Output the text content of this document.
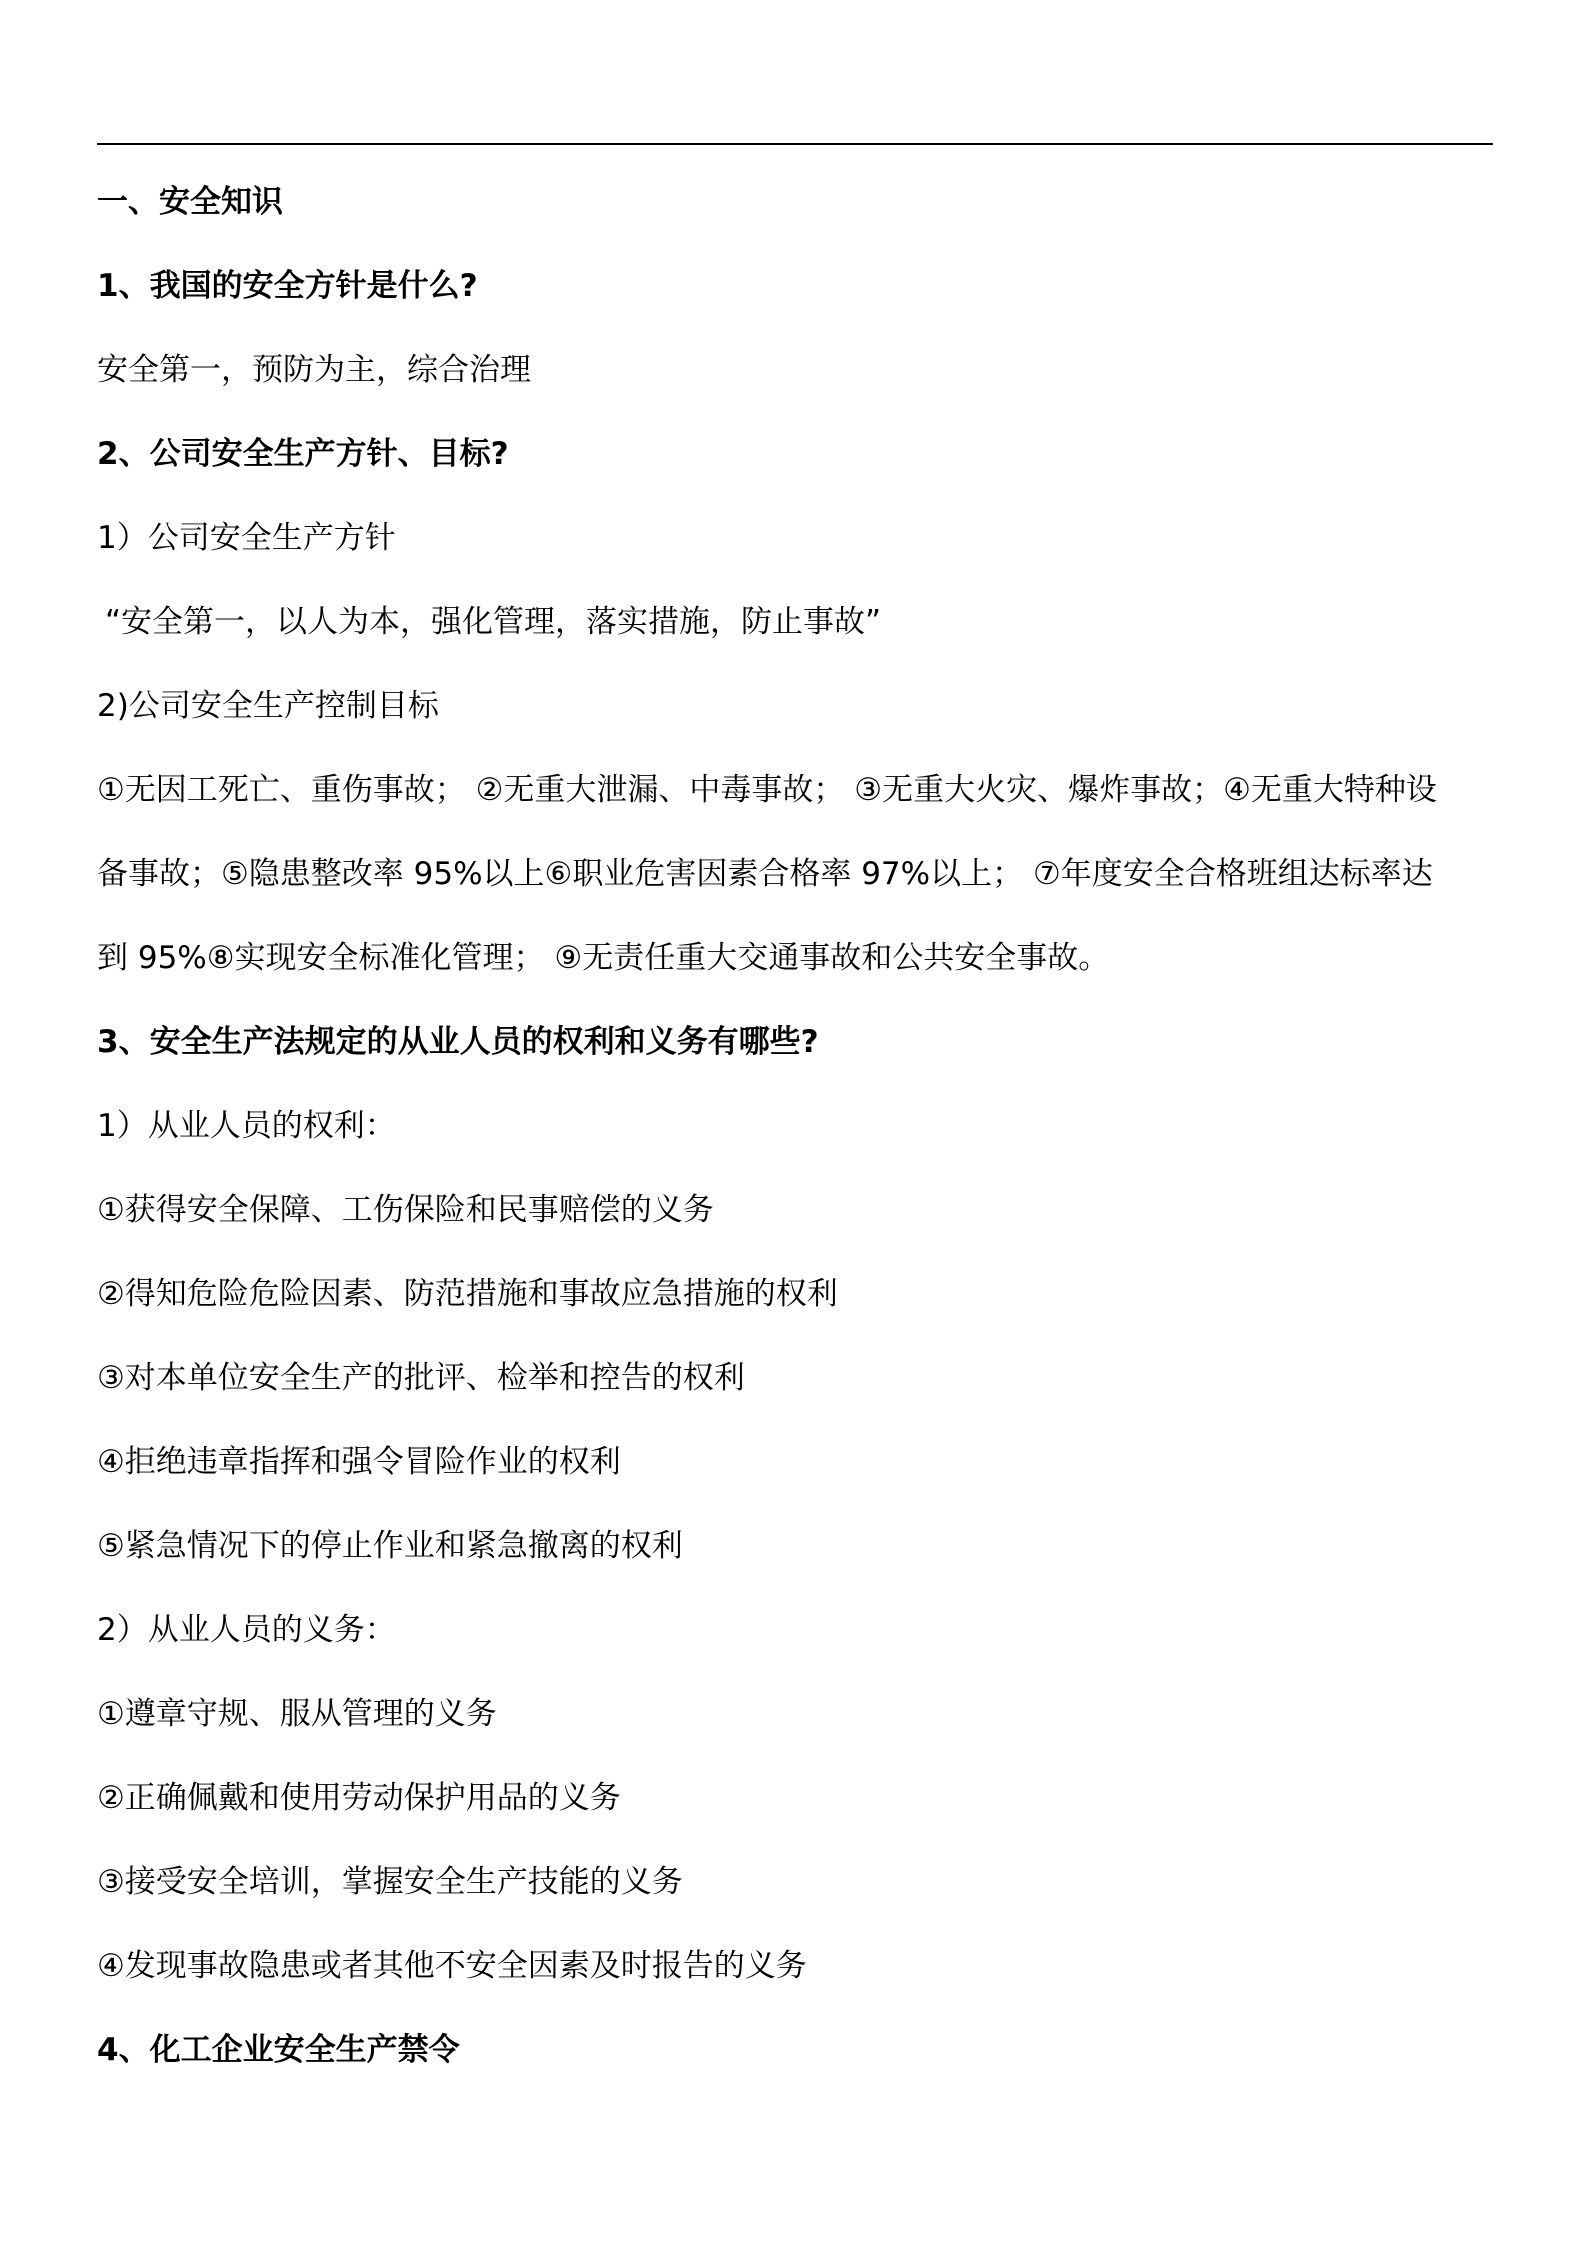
一、安全知识
1、我国的安全方针是什么?
安全第一，预防为主，综合治理
2、公司安全生产方针、目标?
1）公司安全生产方针
“安全第一，以人为本，强化管理，落实措施，防止事故”
2)公司安全生产控制目标
①无因工死亡、重伤事故； ②无重大泄漏、中毒事故； ③无重大火灾、爆炸事故；④无重大特种设
备事故；⑤隐患整改率 95%以上⑥职业危害因素合格率 97%以上； ⑦年度安全合格班组达标率达
到 95%⑧实现安全标准化管理； ⑨无责任重大交通事故和公共安全事故。
3、安全生产法规定的从业人员的权利和义务有哪些?
1）从业人员的权利：
①获得安全保障、工伤保险和民事赔偿的义务
②得知危险危险因素、防范措施和事故应急措施的权利
③对本单位安全生产的批评、检举和控告的权利
④拒绝违章指挥和强令冒险作业的权利
⑤紧急情况下的停止作业和紧急撤离的权利
2）从业人员的义务：
①遵章守规、服从管理的义务
②正确佩戴和使用劳动保护用品的义务
③接受安全培训，掌握安全生产技能的义务
④发现事故隐患或者其他不安全因素及时报告的义务
4、化工企业安全生产禁令
